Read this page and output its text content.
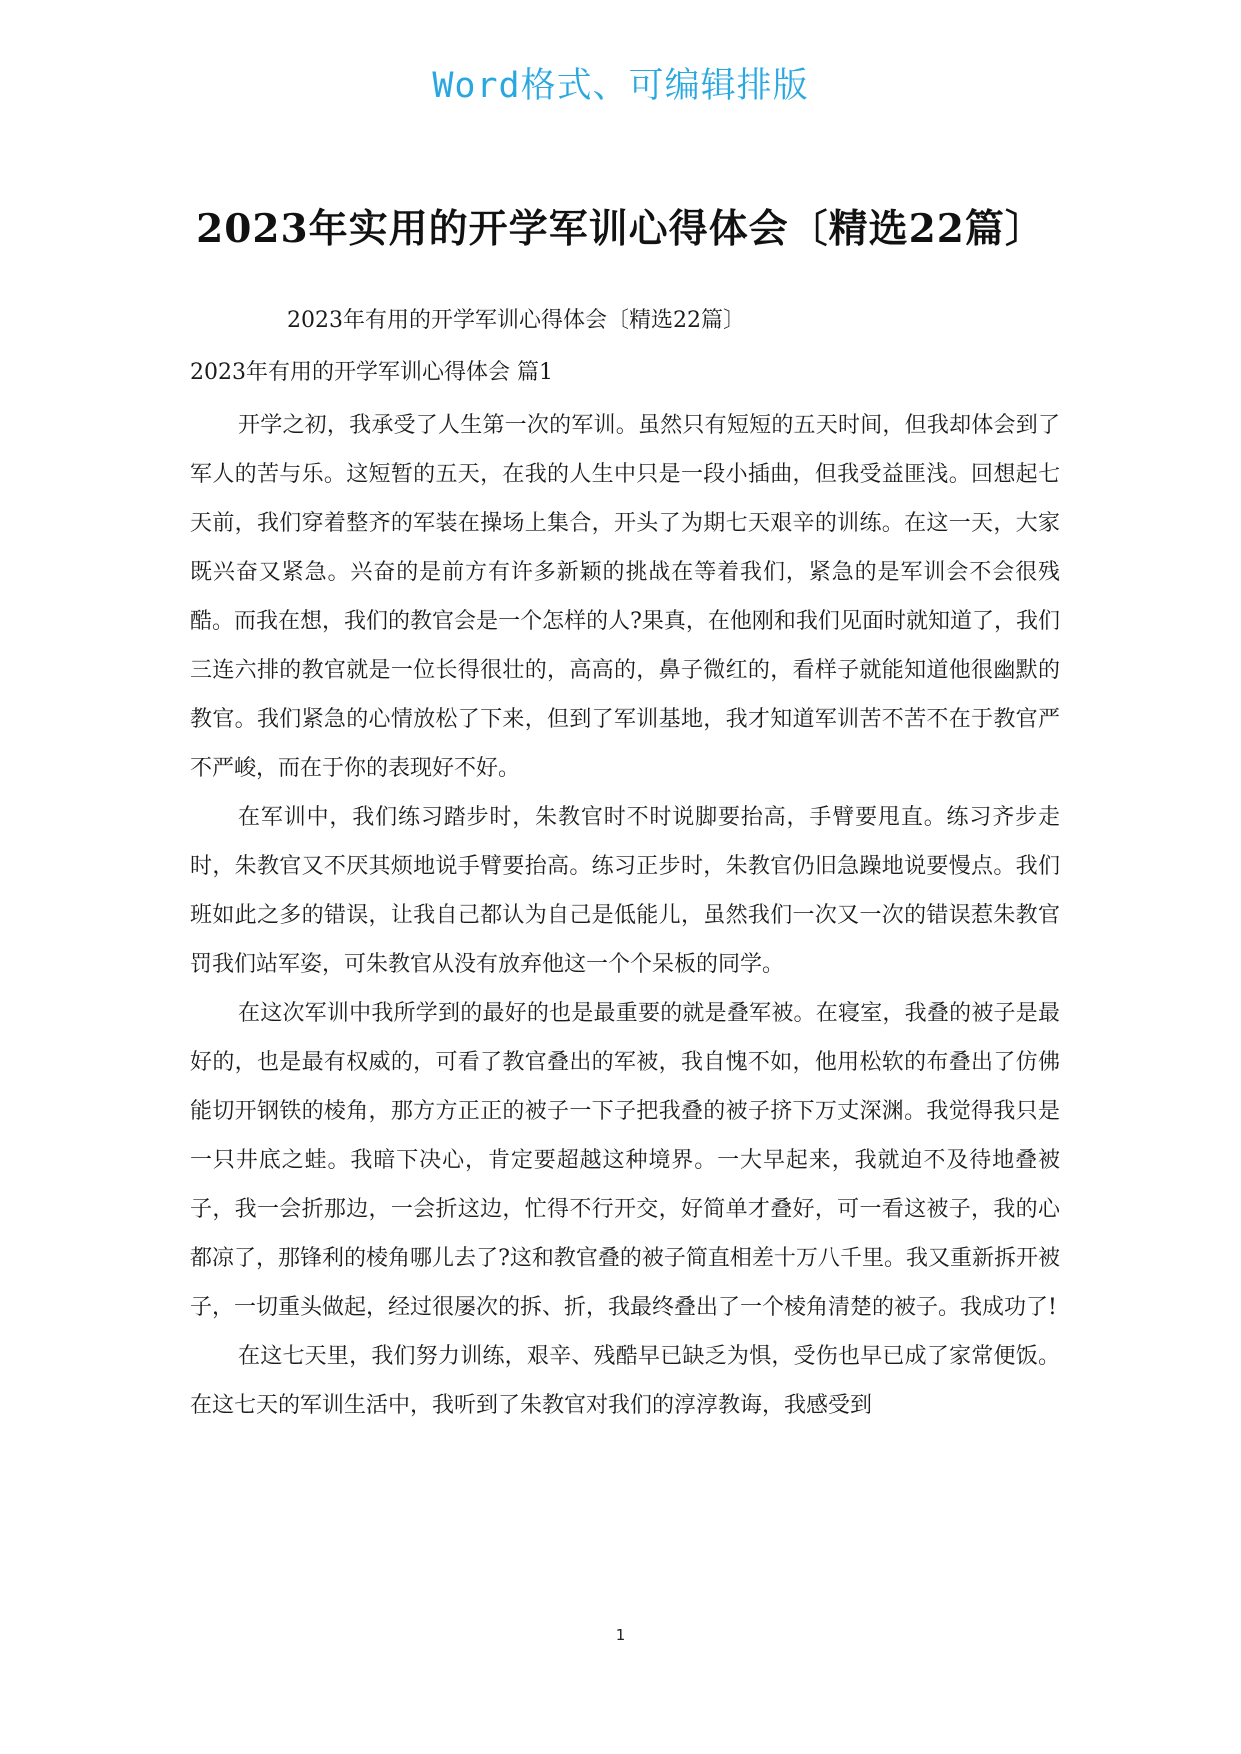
Word格式、可编辑排版
2023年实用的开学军训心得体会〔精选22篇〕

2023年有用的开学军训心得体会〔精选22篇〕

2023年有用的开学军训心得体会 篇1

开学之初，我承受了人生第一次的军训。虽然只有短短的五天时间，但我却体会到了军人的苦与乐。这短暂的五天，在我的人生中只是一段小插曲，但我受益匪浅。回想起七天前，我们穿着整齐的军装在操场上集合，开头了为期七天艰辛的训练。在这一天，大家既兴奋又紧急。兴奋的是前方有许多新颖的挑战在等着我们，紧急的是军训会不会很残酷。而我在想，我们的教官会是一个怎样的人?果真，在他刚和我们见面时就知道了，我们三连六排的教官就是一位长得很壮的，高高的，鼻子微红的，看样子就能知道他很幽默的教官。我们紧急的心情放松了下来，但到了军训基地，我才知道军训苦不苦不在于教官严不严峻，而在于你的表现好不好。

在军训中，我们练习踏步时，朱教官时不时说脚要抬高，手臂要甩直。练习齐步走时，朱教官又不厌其烦地说手臂要抬高。练习正步时，朱教官仍旧急躁地说要慢点。我们班如此之多的错误，让我自己都认为自己是低能儿，虽然我们一次又一次的错误惹朱教官罚我们站军姿，可朱教官从没有放弃他这一个个呆板的同学。

在这次军训中我所学到的最好的也是最重要的就是叠军被。在寝室，我叠的被子是最好的，也是最有权威的，可看了教官叠出的军被，我自愧不如，他用松软的布叠出了仿佛能切开钢铁的棱角，那方方正正的被子一下子把我叠的被子挤下万丈深渊。我觉得我只是一只井底之蛙。我暗下决心，肯定要超越这种境界。一大早起来，我就迫不及待地叠被子，我一会折那边，一会折这边，忙得不行开交，好简单才叠好，可一看这被子，我的心都凉了，那锋利的棱角哪儿去了?这和教官叠的被子简直相差十万八千里。我又重新拆开被子，一切重头做起，经过很屡次的拆、折，我最终叠出了一个棱角清楚的被子。我成功了!

在这七天里，我们努力训练，艰辛、残酷早已缺乏为惧，受伤也早已成了家常便饭。在这七天的军训生活中，我听到了朱教官对我们的淳淳教诲，我感受到

1
